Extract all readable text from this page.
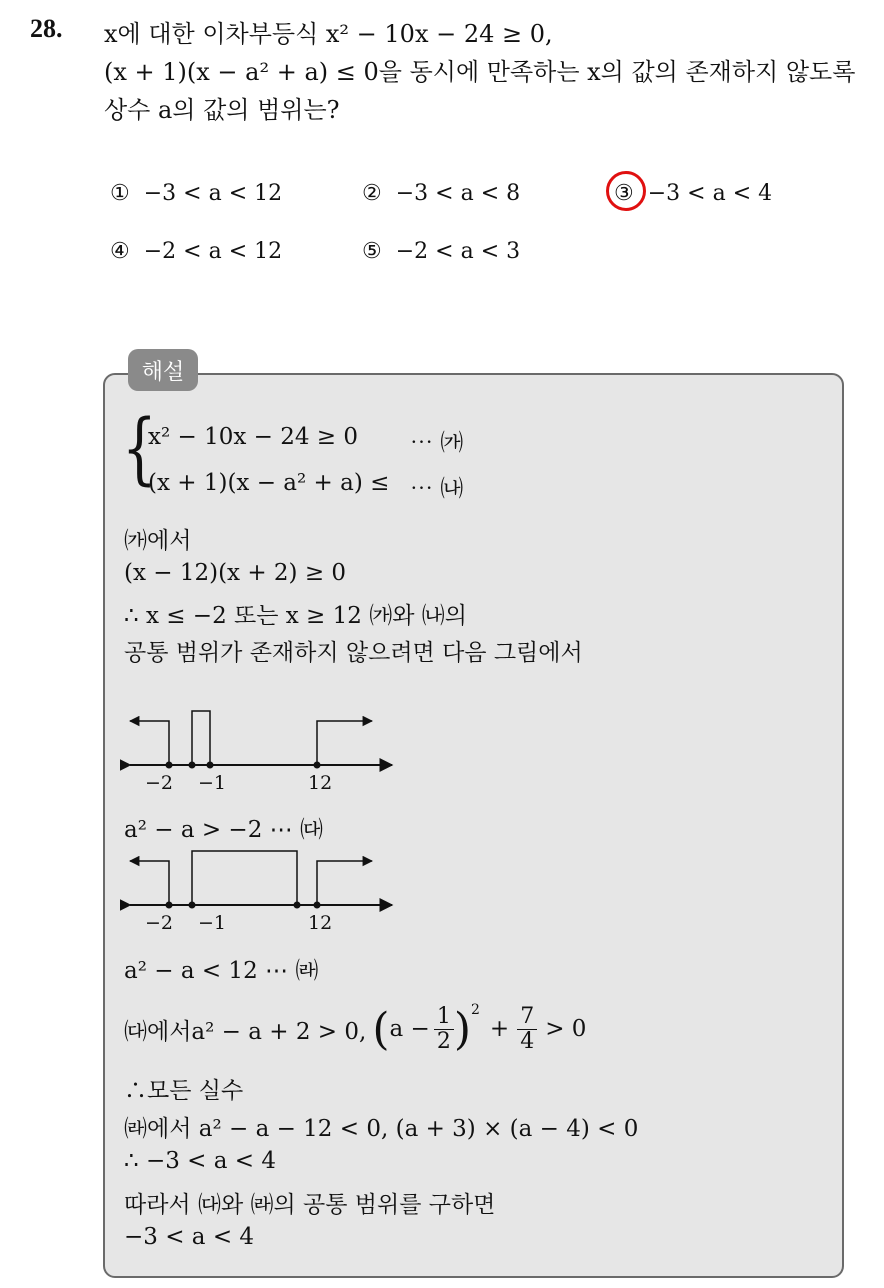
28. x에 대한 이차부등식 x² − 10x − 24 ≥ 0,
(x + 1)(x − a² + a) ≤ 0을 동시에 만족하는 x의 값의 존재하지 않도록
상수 a의 값의 범위는?
① −3 < a < 12	② −3 < a < 8	③ −3 < a < 4
④ −2 < a < 12	⑤ −2 < a < 3
해설
{
x² − 10x − 24 ≥ 0 ⋯ ㈎
(x + 1)(x − a² + a) ≤ ⋯ ㈏
㈎에서
(x − 12)(x + 2) ≥ 0
∴ x ≤ −2 또는 x ≥ 12 ㈎와 ㈏의
공통 범위가 존재하지 않으려면 다음 그림에서
−2 −1	12
a² − a > −2 ⋯ ㈐
−2 −1	12
a² − a < 12 ⋯ ㈑
㈐에서a² − a + 2 > 0, ( $a - \frac{1}{2} )^2$
+ $\frac{7}{4} > 0$
∴모든 실수
㈑에서 a² − a − 12 < 0, (a + 3) × (a − 4) < 0
∴ −3 < a < 4
따라서 ㈐와 ㈑의 공통 범위를 구하면
−3 < a < 4
